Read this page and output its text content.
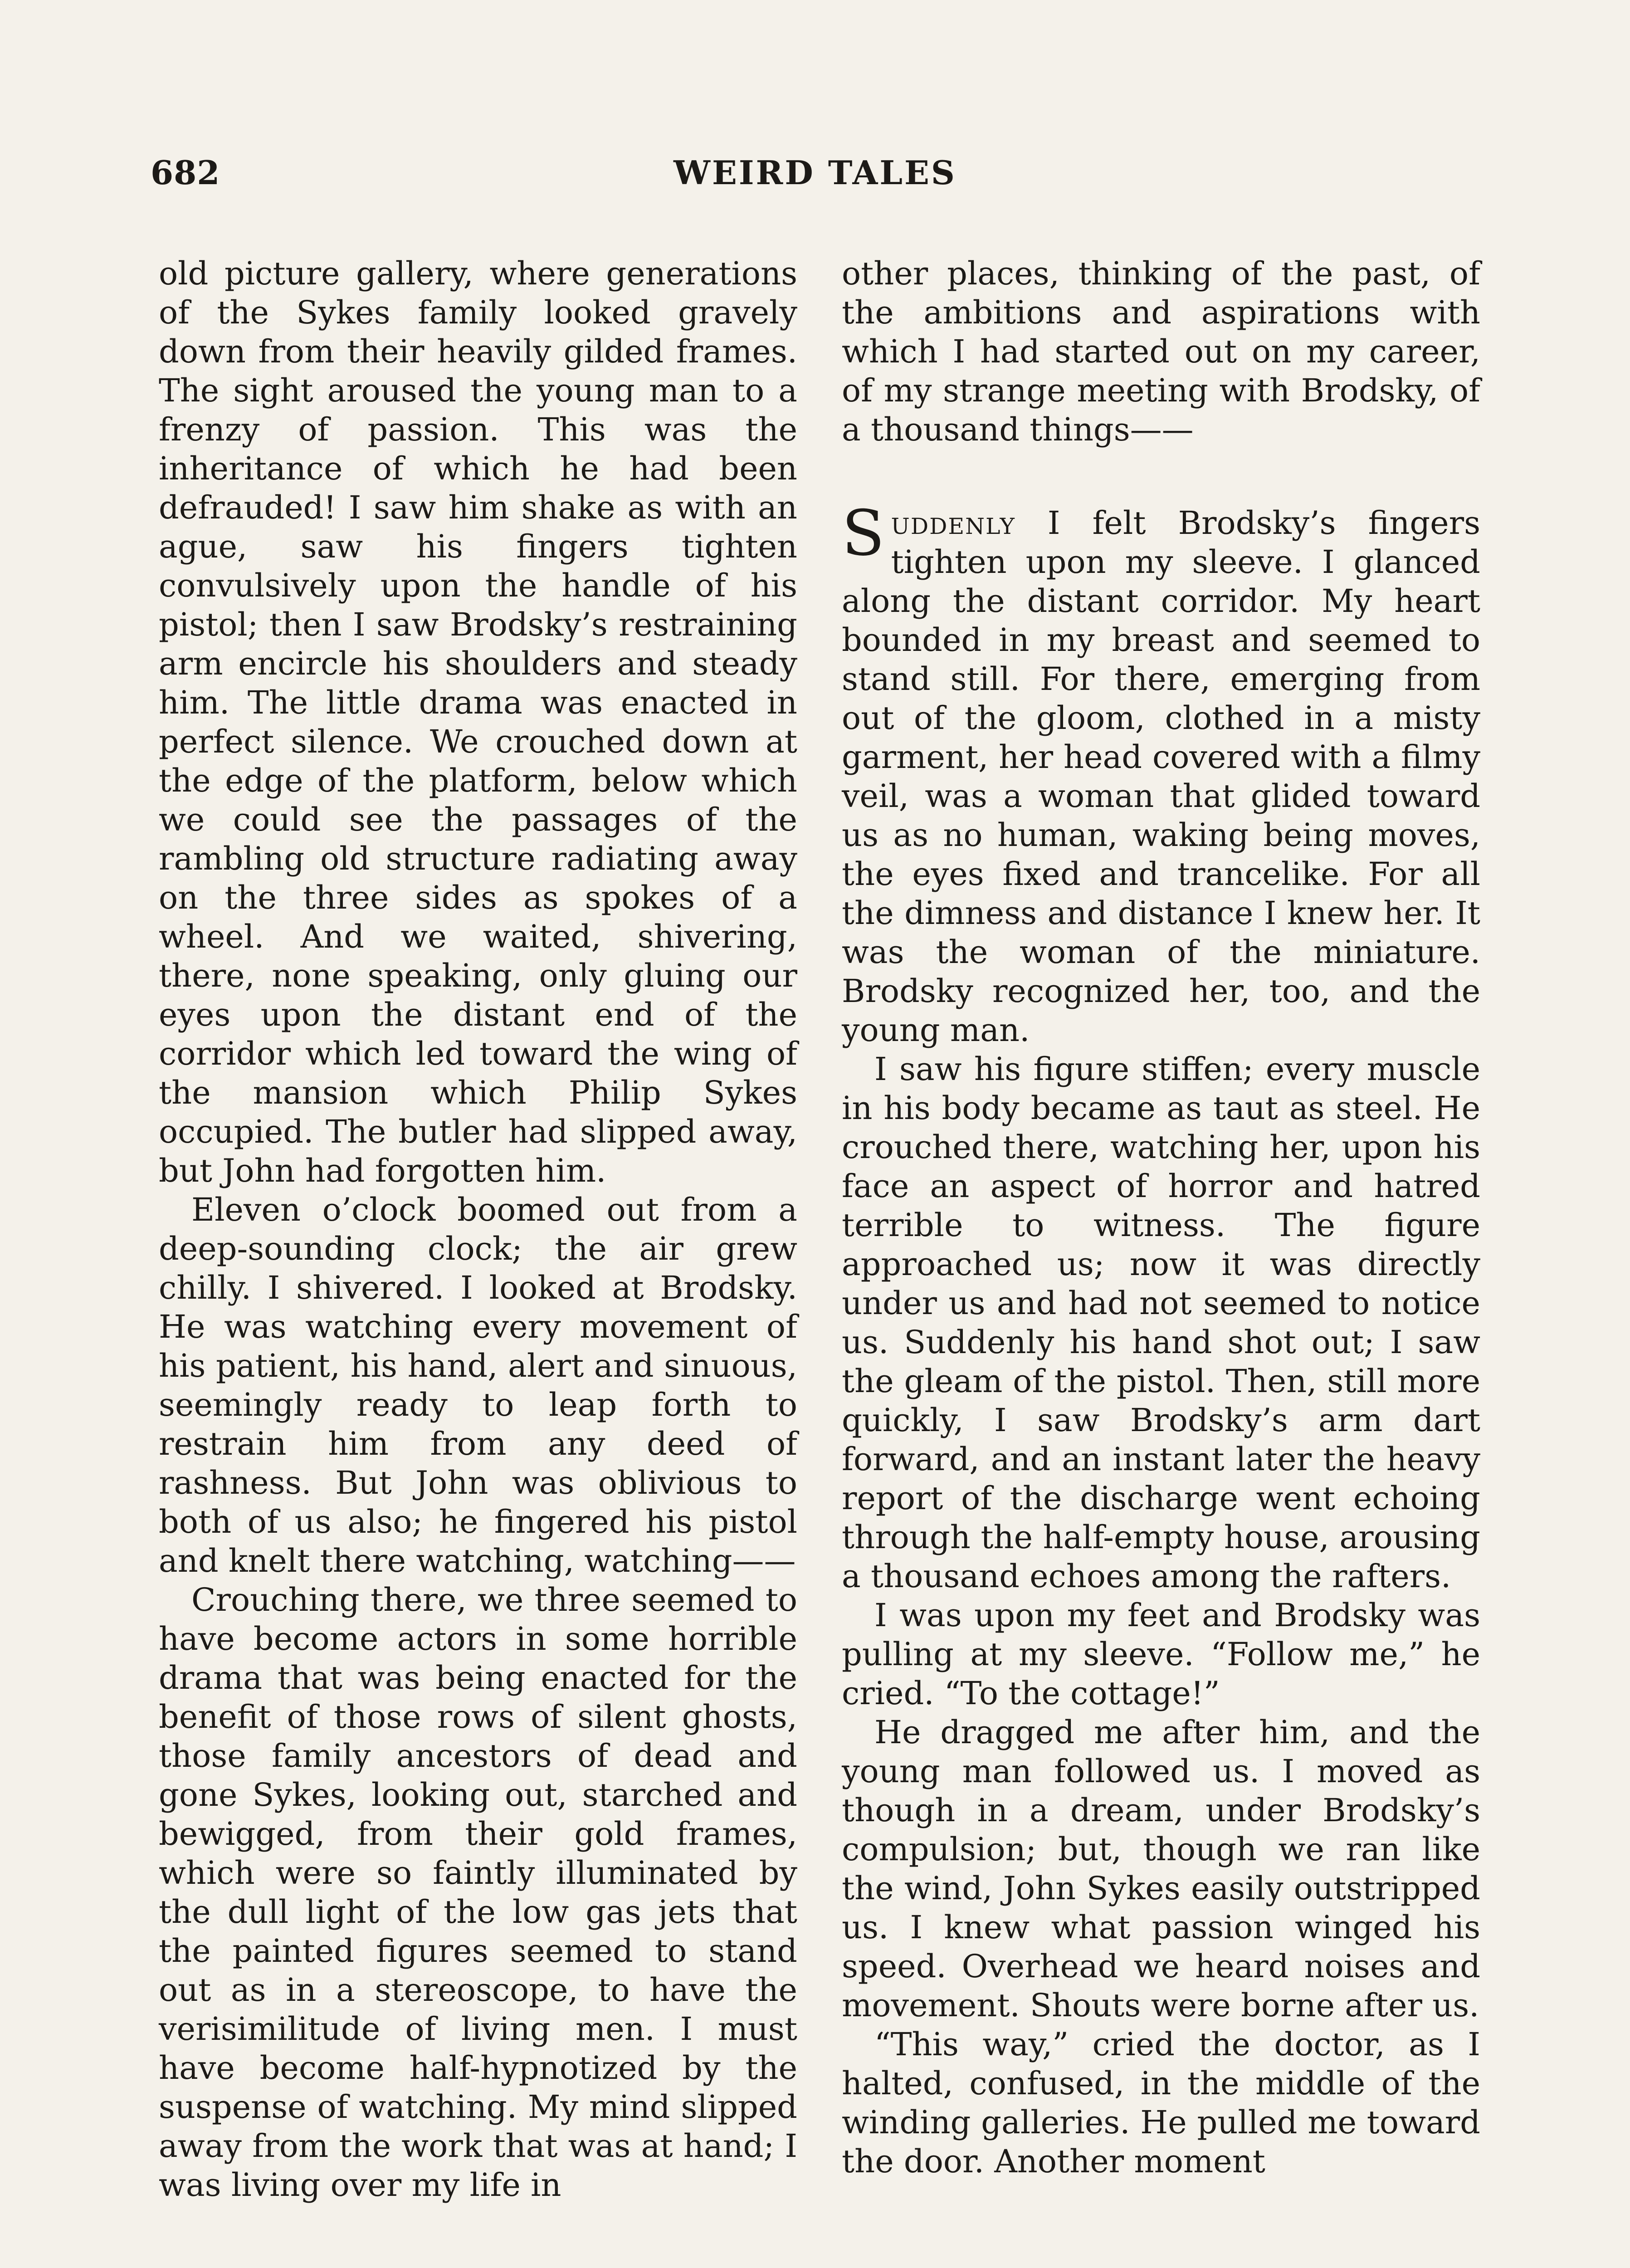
682	WEIRD TALES

old picture gallery, where generations of the Sykes family looked gravely down from their heavily gilded frames. The sight aroused the young man to a frenzy of passion. This was the inheritance of which he had been defrauded! I saw him shake as with an ague, saw his fingers tighten convulsively upon the handle of his pistol; then I saw Brodsky’s restraining arm encircle his shoulders and steady him. The little drama was enacted in perfect silence. We crouched down at the edge of the platform, below which we could see the passages of the rambling old structure radiating away on the three sides as spokes of a wheel. And we waited, shivering, there, none speaking, only gluing our eyes upon the distant end of the corridor which led toward the wing of the mansion which Philip Sykes occupied. The butler had slipped away, but John had forgotten him.

Eleven o’clock boomed out from a deep-sounding clock; the air grew chilly. I shivered. I looked at Brodsky. He was watching every movement of his patient, his hand, alert and sinuous, seemingly ready to leap forth to restrain him from any deed of rashness. But John was oblivious to both of us also; he fingered his pistol and knelt there watching, watching——

Crouching there, we three seemed to have become actors in some horrible drama that was being enacted for the benefit of those rows of silent ghosts, those family ancestors of dead and gone Sykes, looking out, starched and bewigged, from their gold frames, which were so faintly illuminated by the dull light of the low gas jets that the painted figures seemed to stand out as in a stereoscope, to have the verisimilitude of living men. I must have become half-hypnotized by the suspense of watching. My mind slipped away from the work that was at hand; I was living over my life in

other places, thinking of the past, of the ambitions and aspirations with which I had started out on my career, of my strange meeting with Brodsky, of a thousand things——

Suddenly I felt Brodsky’s fingers tighten upon my sleeve. I glanced along the distant corridor. My heart bounded in my breast and seemed to stand still. For there, emerging from out of the gloom, clothed in a misty garment, her head covered with a filmy veil, was a woman that glided toward us as no human, waking being moves, the eyes fixed and trancelike. For all the dimness and distance I knew her. It was the woman of the miniature. Brodsky recognized her, too, and the young man.

I saw his figure stiffen; every muscle in his body became as taut as steel. He crouched there, watching her, upon his face an aspect of horror and hatred terrible to witness. The figure approached us; now it was directly under us and had not seemed to notice us. Suddenly his hand shot out; I saw the gleam of the pistol. Then, still more quickly, I saw Brodsky’s arm dart forward, and an instant later the heavy report of the discharge went echoing through the half-empty house, arousing a thousand echoes among the rafters.

I was upon my feet and Brodsky was pulling at my sleeve. “Follow me,” he cried. “To the cottage!”

He dragged me after him, and the young man followed us. I moved as though in a dream, under Brodsky’s compulsion; but, though we ran like the wind, John Sykes easily outstripped us. I knew what passion winged his speed. Overhead we heard noises and movement. Shouts were borne after us.

“This way,” cried the doctor, as I halted, confused, in the middle of the winding galleries. He pulled me toward the door. Another moment
